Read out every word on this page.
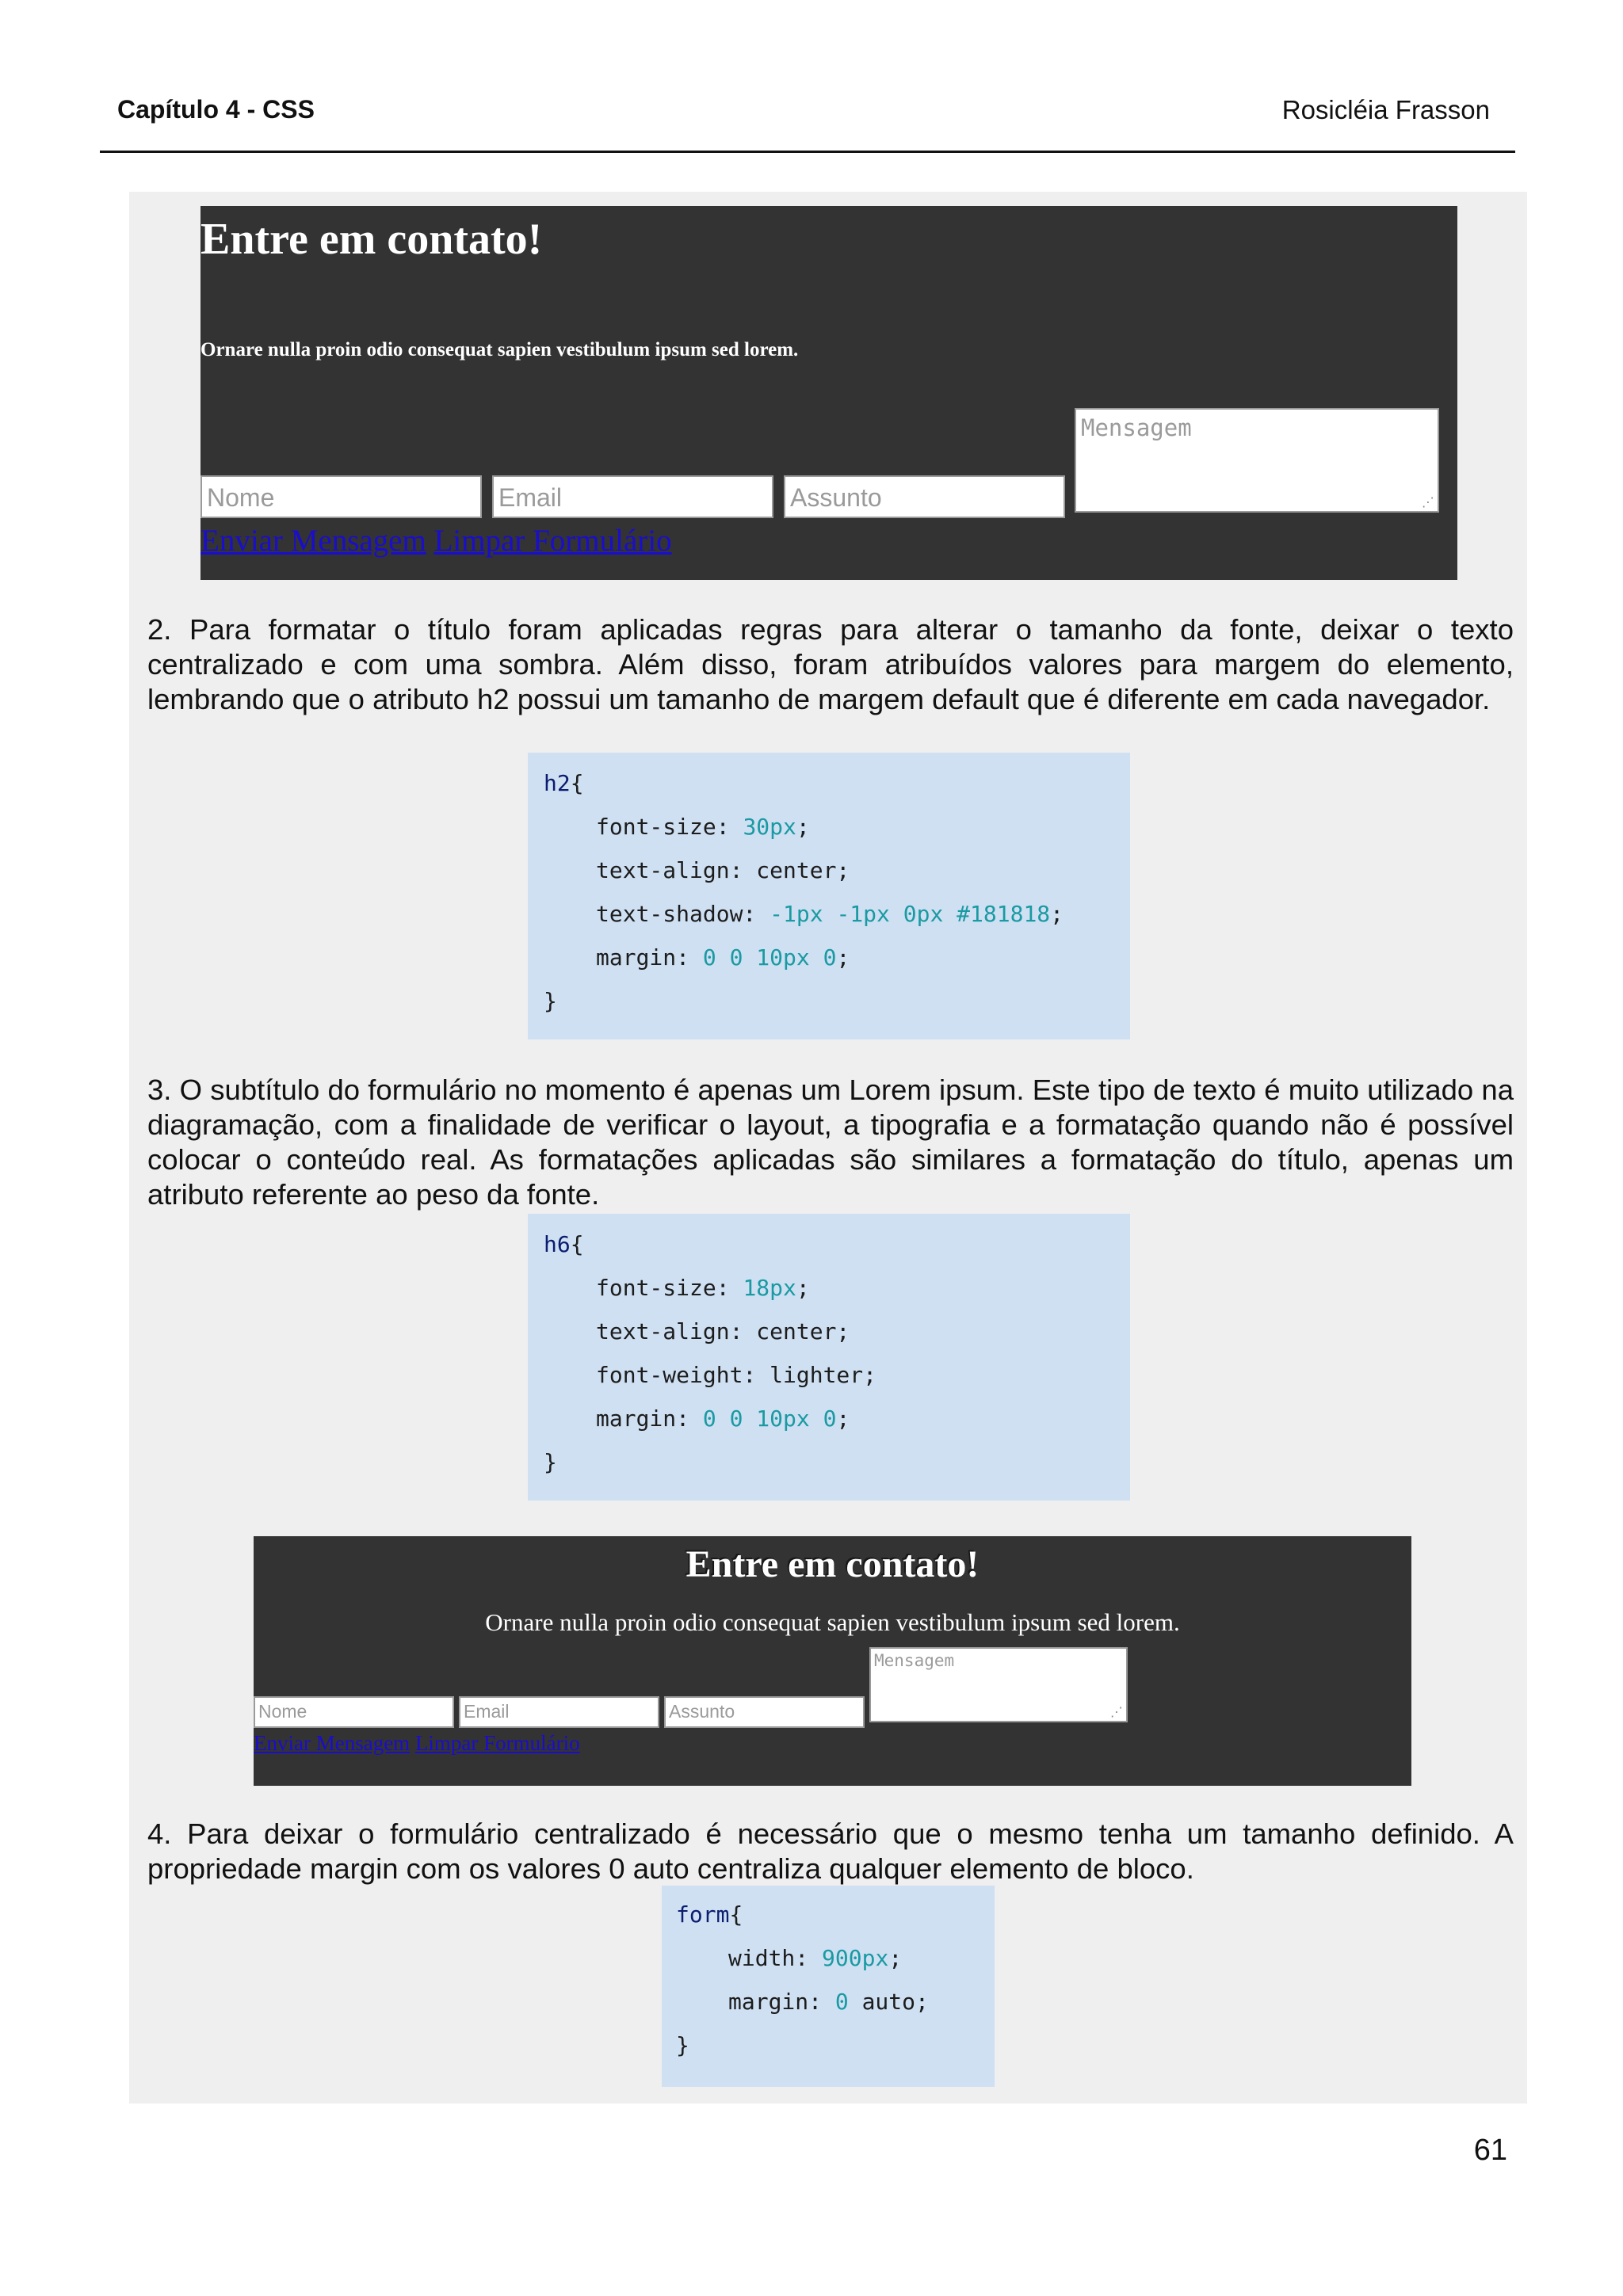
Capítulo 4 - CSS	Rosicléia Frasson
Entre em contato!
Ornare nulla proin odio consequat sapien vestibulum ipsum sed lorem.
Mensagem
⋰
Nome	Email	Assunto
Enviar Mensagem Limpar Formulário
2. Para formatar o título foram aplicadas regras para alterar o tamanho da fonte, deixar o texto centralizado e com uma sombra. Além disso, foram atribuídos valores para margem do elemento, lembrando que o atributo h2 possui um tamanho de margem default que é diferente em cada navegador.
h2{
font-size: 30px;
text-align: center;
text-shadow: -1px -1px 0px #181818;
margin: 0 0 10px 0;
}
3. O subtítulo do formulário no momento é apenas um Lorem ipsum. Este tipo de texto é muito utilizado na diagramação, com a finalidade de verificar o layout, a tipografia e a formatação quando não é possível colocar o conteúdo real. As formatações aplicadas são similares a formatação do título, apenas um atributo referente ao peso da fonte.
h6{
font-size: 18px;
text-align: center;
font-weight: lighter;
margin: 0 0 10px 0;
}
Entre em contato!
Ornare nulla proin odio consequat sapien vestibulum ipsum sed lorem.
Mensagem
⋰
Nome	Email	Assunto
Enviar Mensagem Limpar Formulário
4. Para deixar o formulário centralizado é necessário que o mesmo tenha um tamanho definido. A propriedade margin com os valores 0 auto centraliza qualquer elemento de bloco.
form{
width: 900px;
margin: 0 auto;
}
61
